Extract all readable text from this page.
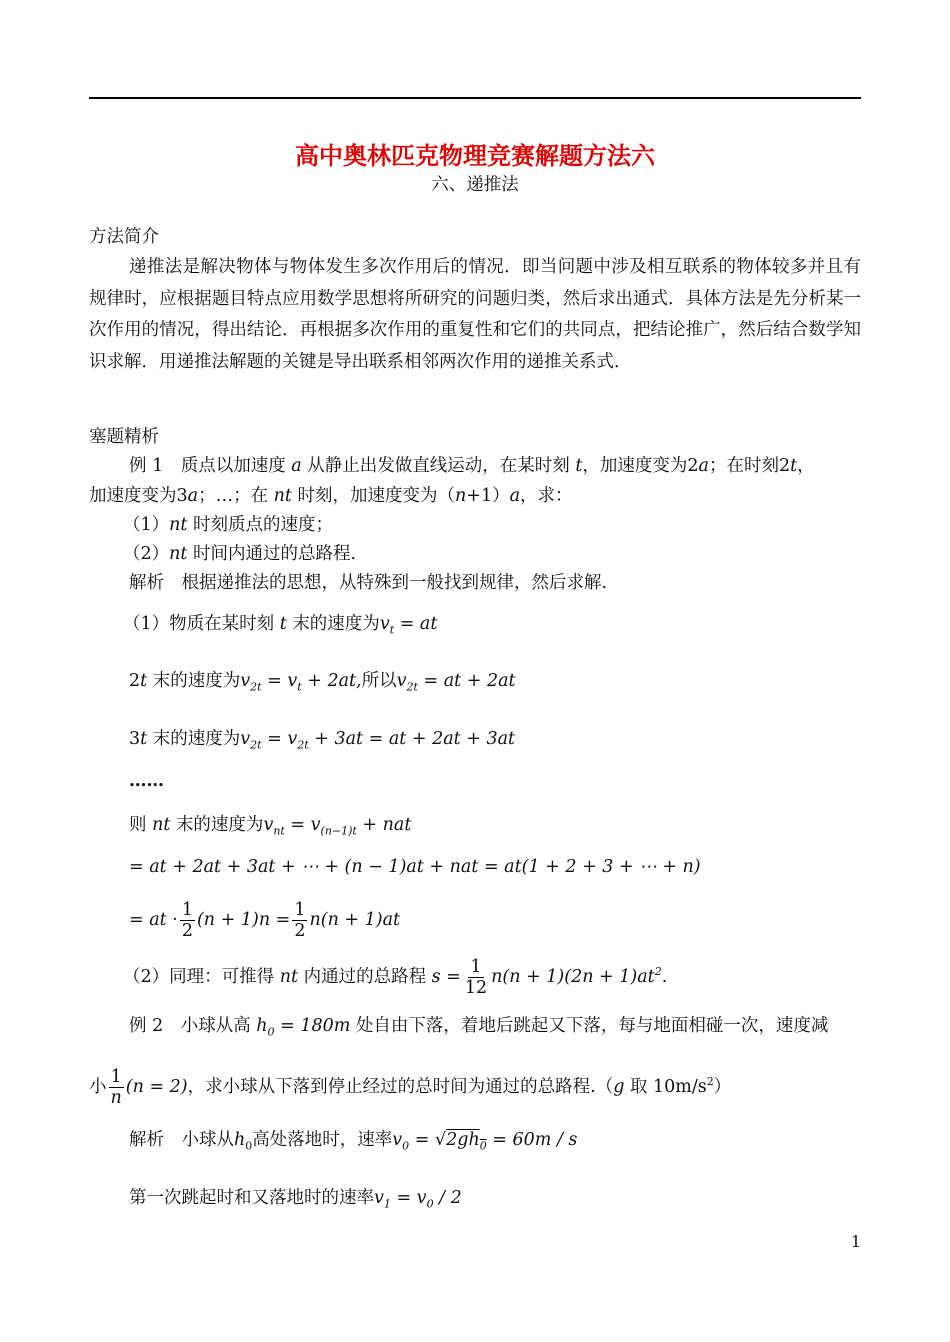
高中奥林匹克物理竞赛解题方法六
六、递推法
方法简介
递推法是解决物体与物体发生多次作用后的情况．即当问题中涉及相互联系的物体较多并且有规律时，应根据题目特点应用数学思想将所研究的问题归类，然后求出通式．具体方法是先分析某一次作用的情况，得出结论．再根据多次作用的重复性和它们的共同点，把结论推广，然后结合数学知识求解．用递推法解题的关键是导出联系相邻两次作用的递推关系式．
塞题精析
例 1　质点以加速度 a 从静止出发做直线运动，在某时刻 t，加速度变为2a；在时刻2t，
加速度变为3a；…；在 nt 时刻，加速度变为（n+1）a，求：
（1）nt 时刻质点的速度；
（2）nt 时间内通过的总路程.
解析　根据递推法的思想，从特殊到一般找到规律，然后求解.
（1）物质在某时刻 t 末的速度为$v_t$ = at
2t 末的速度为$v_{2t} = v_t + 2at$,所以$v_{2t}$ = at + 2at
3t 末的速度为$v_{2t} = v_{2t} + 3at$ = at + 2at + 3at
……
则 nt 末的速度为$v_{nt} = v_{(n-1)t}$ + nat
= at + 2at + 3at + ⋯ + (n − 1)at + nat = at(1 + 2 + 3 + ⋯ + n)
= at · $\frac{1}{2} (n + 1)n = \frac{1}{2} n(n + 1)at$
（2）同理：可推得 nt 内通过的总路程 $s = \frac{1}{12} n(n + 1)(2n + 1)at^2$.
例 2　小球从高 $h_0 = 180m$ 处自由下落，着地后跳起又下落，每与地面相碰一次，速度减
小 $\frac{1}{n} (n = 2)$，求小球从下落到停止经过的总时间为通过的总路程.（g 取 $10m/s^2$）
解析　小球从$h_0$高处落地时，速率$v_0 = √2gh_0 = 60m / s$
第一次跳起时和又落地时的速率$v_1 = v_0 / 2$
1
